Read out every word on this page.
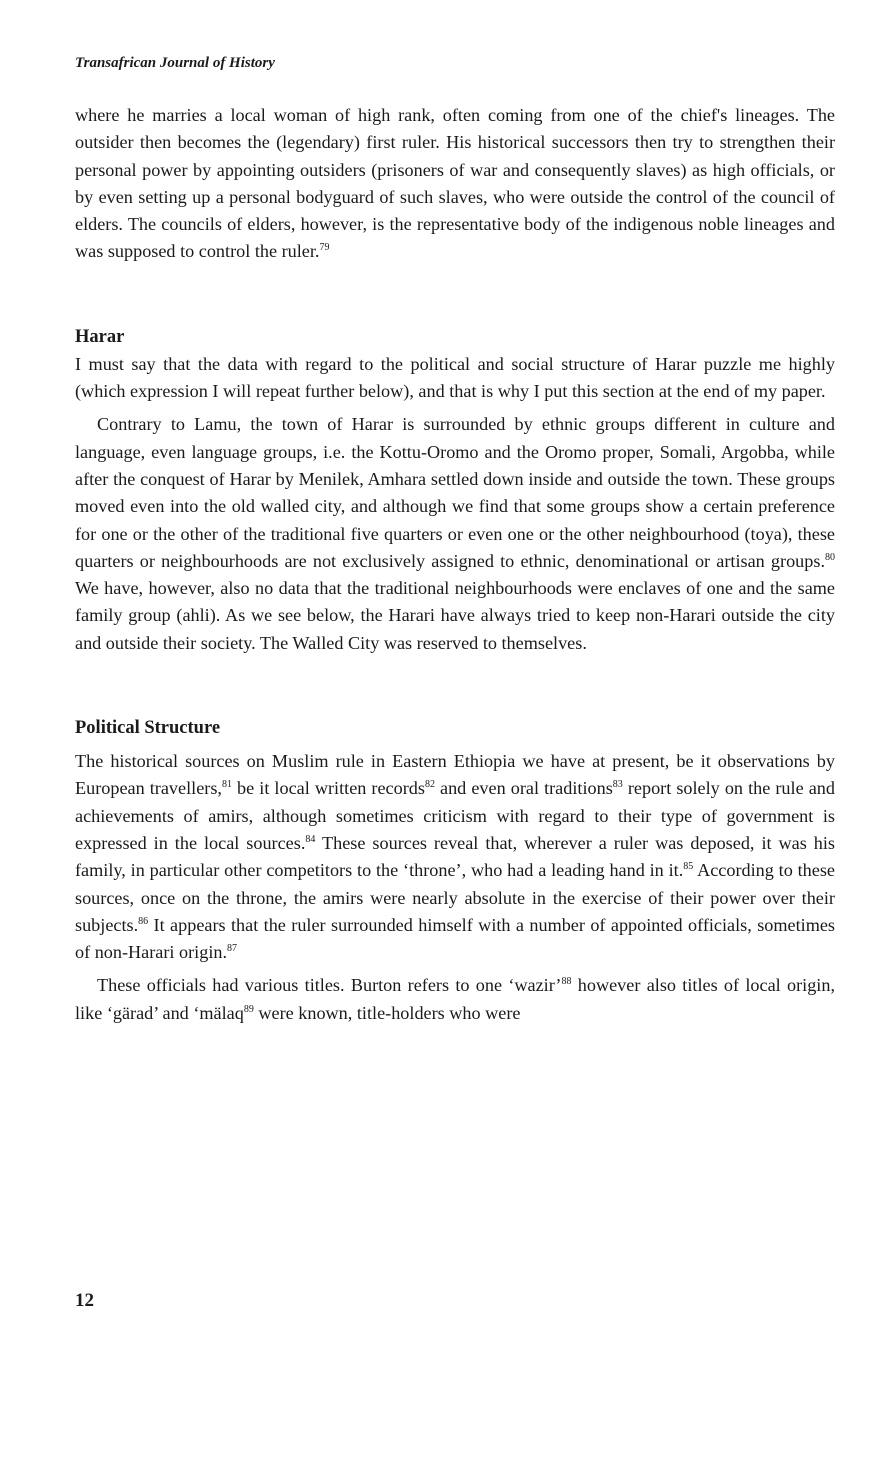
Transafrican Journal of History

where he marries a local woman of high rank, often coming from one of the chief's lineages. The outsider then becomes the (legendary) first ruler. His historical successors then try to strengthen their personal power by appointing outsiders (prisoners of war and consequently slaves) as high officials, or by even setting up a personal bodyguard of such slaves, who were outside the control of the council of elders. The councils of elders, however, is the representative body of the indigenous noble lineages and was supposed to control the ruler.$^{79}$

Harar

I must say that the data with regard to the political and social structure of Harar puzzle me highly (which expression I will repeat further below), and that is why I put this section at the end of my paper.

Contrary to Lamu, the town of Harar is surrounded by ethnic groups different in culture and language, even language groups, i.e. the Kottu-Oromo and the Oromo proper, Somali, Argobba, while after the conquest of Harar by Menilek, Amhara settled down inside and outside the town. These groups moved even into the old walled city, and although we find that some groups show a certain preference for one or the other of the traditional five quarters or even one or the other neighbourhood (toya), these quarters or neighbourhoods are not exclusively assigned to ethnic, denominational or artisan groups.$^{80}$ We have, however, also no data that the traditional neighbourhoods were enclaves of one and the same family group (ahli). As we see below, the Harari have always tried to keep non-Harari outside the city and outside their society. The Walled City was reserved to themselves.

Political Structure

The historical sources on Muslim rule in Eastern Ethiopia we have at present, be it observations by European travellers,$^{81}$ be it local written records$^{82}$ and even oral traditions$^{83}$ report solely on the rule and achievements of amirs, although sometimes criticism with regard to their type of government is expressed in the local sources.$^{84}$ These sources reveal that, wherever a ruler was deposed, it was his family, in particular other competitors to the ‘throne’, who had a leading hand in it.$^{85}$ According to these sources, once on the throne, the amirs were nearly absolute in the exercise of their power over their subjects.$^{86}$ It appears that the ruler surrounded himself with a number of appointed officials, sometimes of non-Harari origin.$^{87}$

These officials had various titles. Burton refers to one ‘wazir’$^{88}$ however also titles of local origin, like ‘gärad’ and ‘mälaq$^{89}$ were known, title-holders who were

12
